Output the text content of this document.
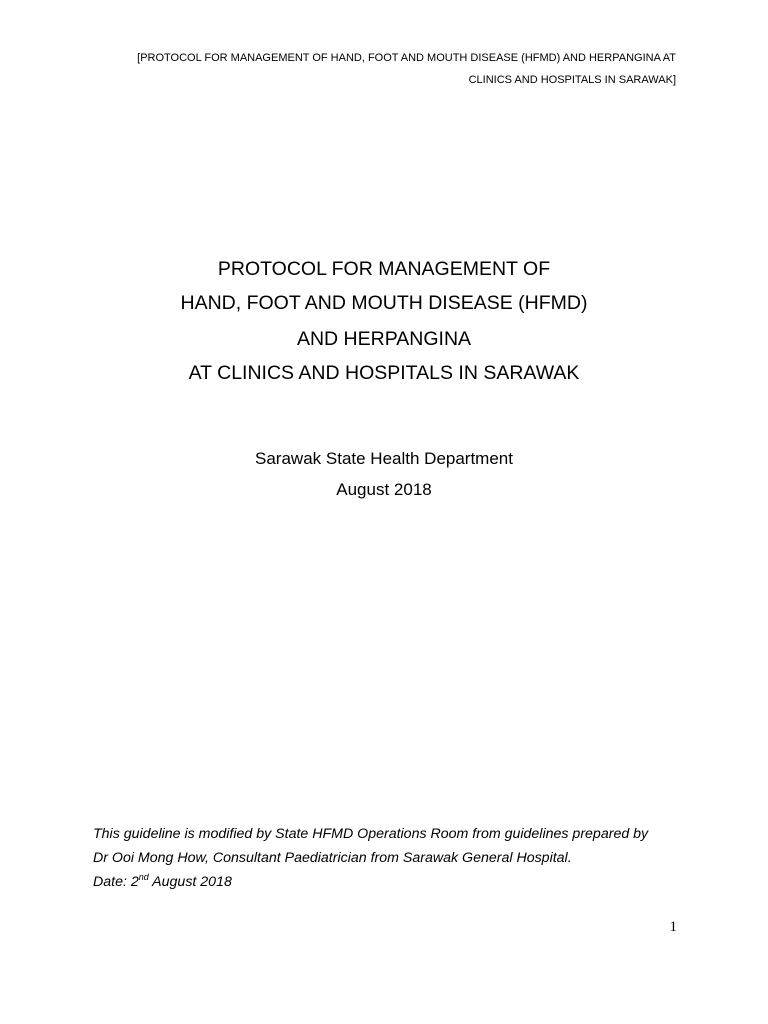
[PROTOCOL FOR MANAGEMENT OF HAND, FOOT AND MOUTH DISEASE (HFMD) AND HERPANGINA AT
CLINICS AND HOSPITALS IN SARAWAK]
PROTOCOL FOR MANAGEMENT OF
HAND, FOOT AND MOUTH DISEASE (HFMD)
AND HERPANGINA
AT CLINICS AND HOSPITALS IN SARAWAK
Sarawak State Health Department
August 2018
This guideline is modified by State HFMD Operations Room from guidelines prepared by
Dr Ooi Mong How, Consultant Paediatrician from Sarawak General Hospital.
Date: 2nd August 2018
1
